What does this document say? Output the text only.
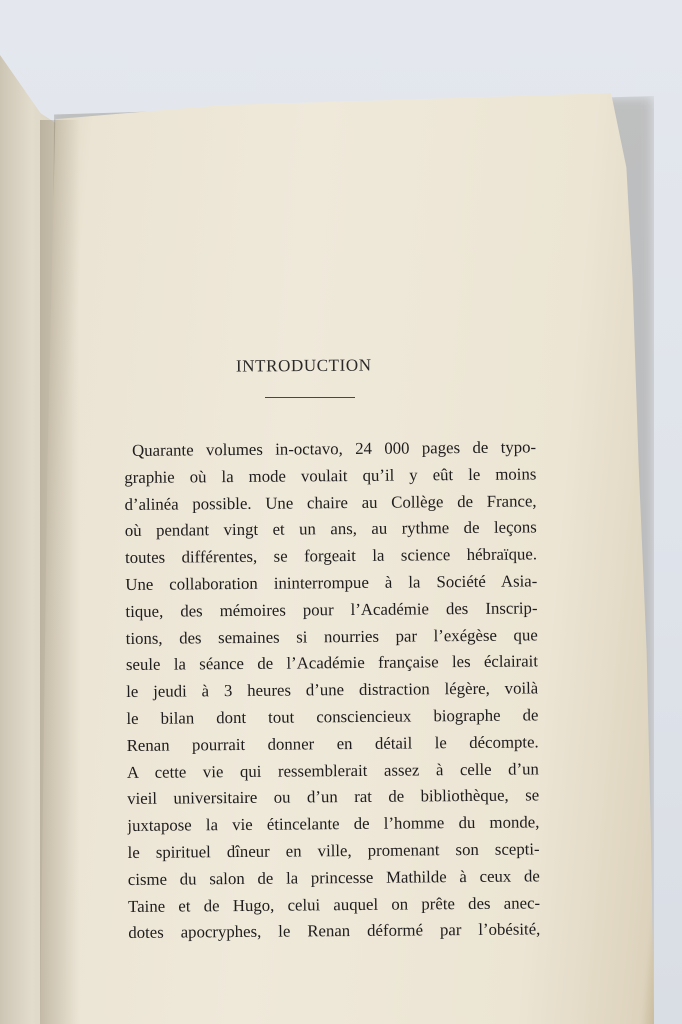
INTRODUCTION
Quarante volumes in-octavo, 24 000 pages de typo-
graphie où la mode voulait qu’il y eût le moins
d’alinéa possible. Une chaire au Collège de France,
où pendant vingt et un ans, au rythme de leçons
toutes différentes, se forgeait la science hébraïque.
Une collaboration ininterrompue à la Société Asia-
tique, des mémoires pour l’Académie des Inscrip-
tions, des semaines si nourries par l’exégèse que
seule la séance de l’Académie française les éclairait
le jeudi à 3 heures d’une distraction légère, voilà
le bilan dont tout consciencieux biographe de
Renan pourrait donner en détail le décompte.
A cette vie qui ressemblerait assez à celle d’un
vieil universitaire ou d’un rat de bibliothèque, se
juxtapose la vie étincelante de l’homme du monde,
le spirituel dîneur en ville, promenant son scepti-
cisme du salon de la princesse Mathilde à ceux de
Taine et de Hugo, celui auquel on prête des anec-
dotes apocryphes, le Renan déformé par l’obésité,
